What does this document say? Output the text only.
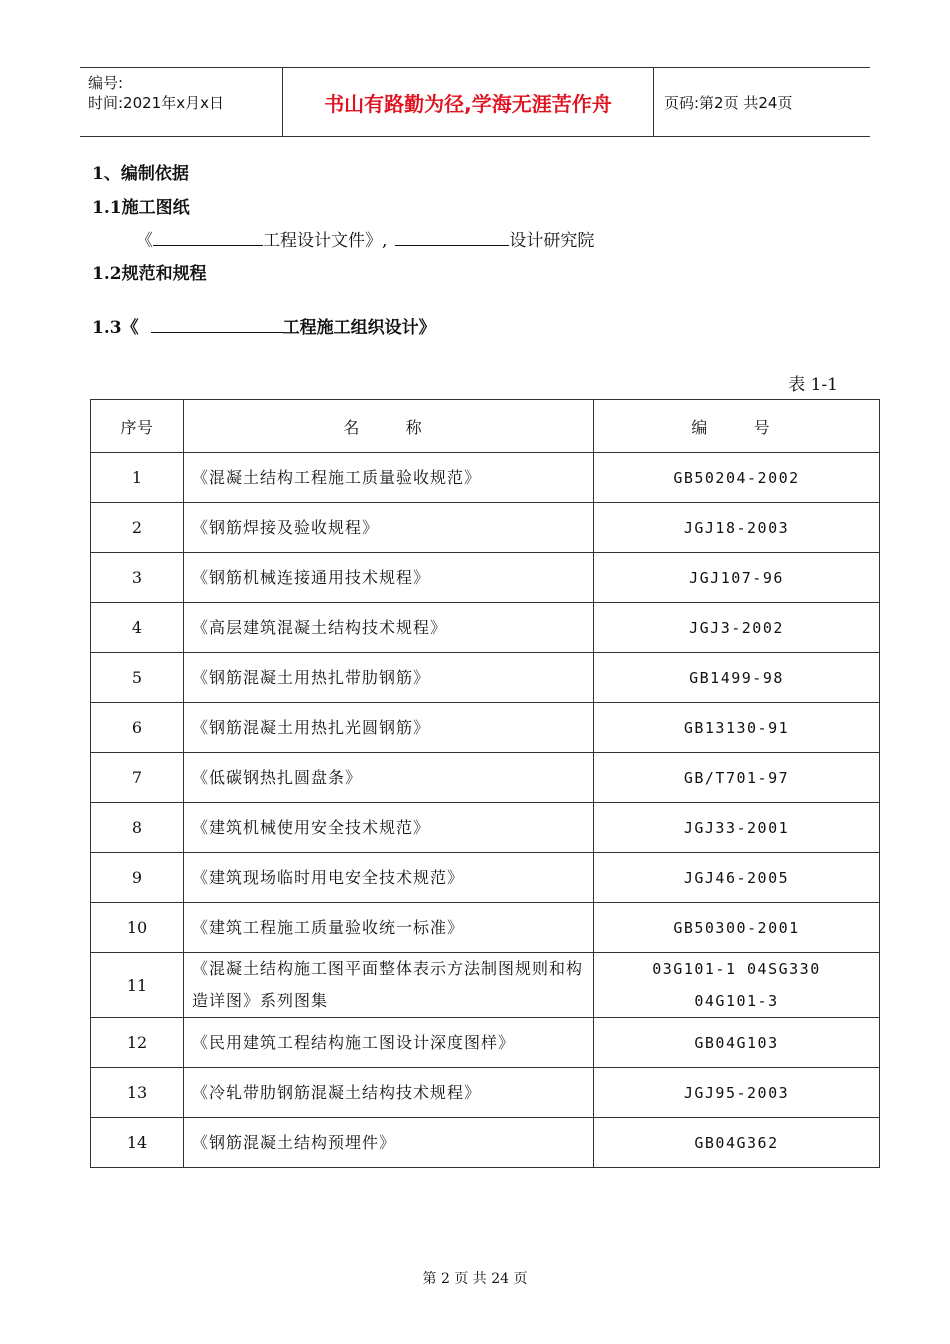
编号:
时间:2021年x月x日	书山有路勤为径,学海无涯苦作舟	页码:第2页 共24页
1、编制依据
1.1施工图纸
《	工程设计文件》,	设计研究院
1.2规范和规程
1.3《	工程施工组织设计》
表 1-1
序号	名  称	编  号
1	《混凝土结构工程施工质量验收规范》	GB50204-2002
2	《钢筋焊接及验收规程》	JGJ18-2003
3	《钢筋机械连接通用技术规程》	JGJ107-96
4	《高层建筑混凝土结构技术规程》	JGJ3-2002
5	《钢筋混凝土用热扎带肋钢筋》	GB1499-98
6	《钢筋混凝土用热扎光圆钢筋》	GB13130-91
7	《低碳钢热扎圆盘条》	GB/T701-97
8	《建筑机械使用安全技术规范》	JGJ33-2001
9	《建筑现场临时用电安全技术规范》	JGJ46-2005
10	《建筑工程施工质量验收统一标准》	GB50300-2001
11	《混凝土结构施工图平面整体表示方法制图规则和构造详图》系列图集	03G101-1 04SG330 04G101-3
12	《民用建筑工程结构施工图设计深度图样》	GB04G103
13	《冷轧带肋钢筋混凝土结构技术规程》	JGJ95-2003
14	《钢筋混凝土结构预埋件》	GB04G362
第 2 页 共 24 页
